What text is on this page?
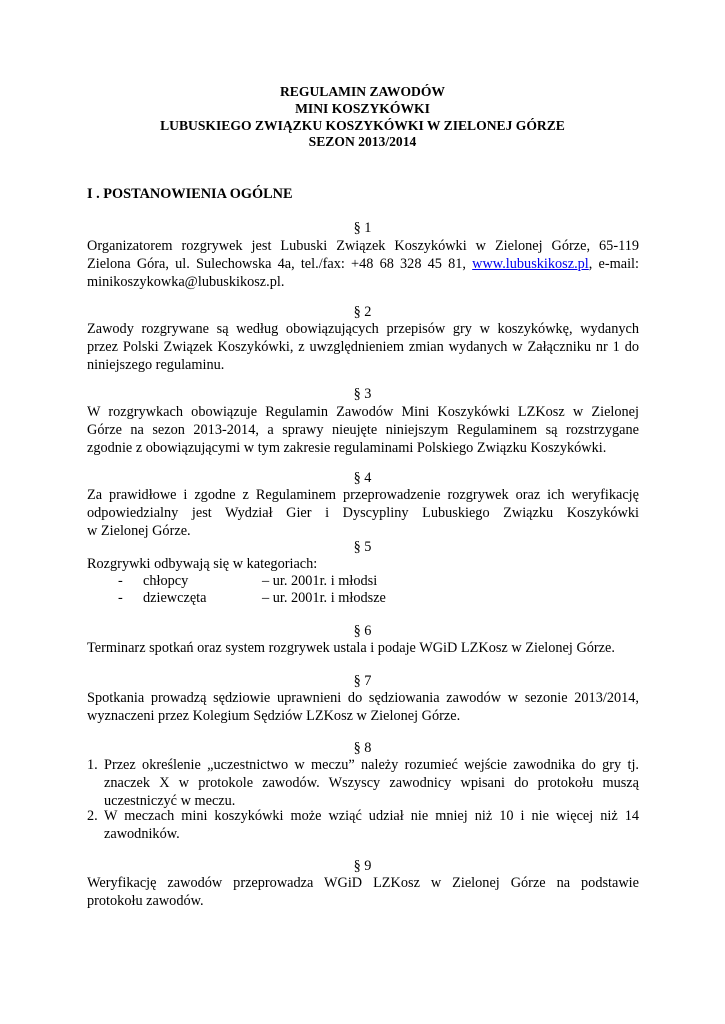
REGULAMIN ZAWODÓW
MINI KOSZYKÓWKI
LUBUSKIEGO ZWIĄZKU KOSZYKÓWKI W ZIELONEJ GÓRZE
SEZON 2013/2014
I . POSTANOWIENIA OGÓLNE
§ 1
Organizatorem rozgrywek jest Lubuski Związek Koszykówki w Zielonej Górze, 65-119
Zielona Góra, ul. Sulechowska 4a, tel./fax: +48 68 328 45 81, www.lubuskikosz.pl, e-mail:
minikoszykowka@lubuskikosz.pl.
§ 2
Zawody rozgrywane są według obowiązujących przepisów gry w koszykówkę, wydanych
przez Polski Związek Koszykówki, z uwzględnieniem zmian wydanych w Załączniku nr 1 do
niniejszego regulaminu.
§ 3
W rozgrywkach obowiązuje Regulamin Zawodów Mini Koszykówki LZKosz w Zielonej
Górze na sezon 2013-2014, a sprawy nieujęte niniejszym Regulaminem są rozstrzygane
zgodnie z obowiązującymi w tym zakresie regulaminami Polskiego Związku Koszykówki.
§ 4
Za prawidłowe i zgodne z Regulaminem przeprowadzenie rozgrywek oraz ich weryfikację
odpowiedzialny jest Wydział Gier i Dyscypliny Lubuskiego Związku Koszykówki
w Zielonej Górze.
§ 5
Rozgrywki odbywają się w kategoriach:
- chłopcy	– ur. 2001r. i młodsi
- dziewczęta	– ur. 2001r. i młodsze
§ 6
Terminarz spotkań oraz system rozgrywek ustala i podaje WGiD LZKosz w Zielonej Górze.
§ 7
Spotkania prowadzą sędziowie uprawnieni do sędziowania zawodów w sezonie 2013/2014,
wyznaczeni przez Kolegium Sędziów LZKosz w Zielonej Górze.
§ 8
1. Przez określenie „uczestnictwo w meczu” należy rozumieć wejście zawodnika do gry tj.
znaczek X w protokole zawodów. Wszyscy zawodnicy wpisani do protokołu muszą
uczestniczyć w meczu.
2. W meczach mini koszykówki może wziąć udział nie mniej niż 10 i nie więcej niż 14
zawodników.
§ 9
Weryfikację zawodów przeprowadza WGiD LZKosz w Zielonej Górze na podstawie
protokołu zawodów.
